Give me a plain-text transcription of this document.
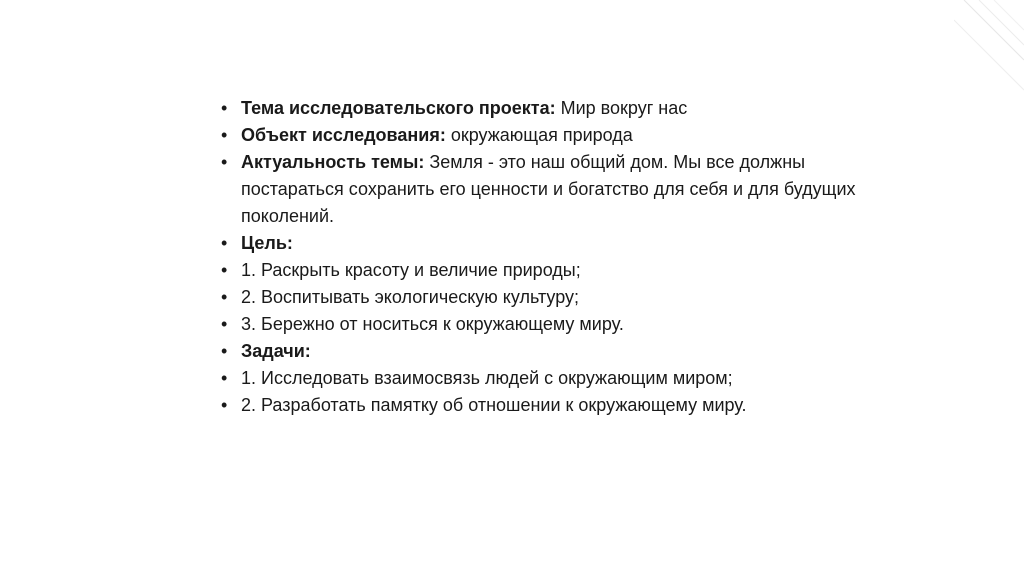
• Тема исследовательского проекта: Мир вокруг нас
• Объект исследования: окружающая природа
• Актуальность темы: Земля - это наш общий дом. Мы все должны постараться сохранить его ценности и богатство для себя и для будущих поколений.
• Цель:
• 1. Раскрыть красоту и величие природы;
• 2. Воспитывать экологическую культуру;
• 3. Бережно от носиться к окружающему миру.
• Задачи:
• 1. Исследовать взаимосвязь людей с окружающим миром;
• 2. Разработать памятку об отношении к окружающему миру.
